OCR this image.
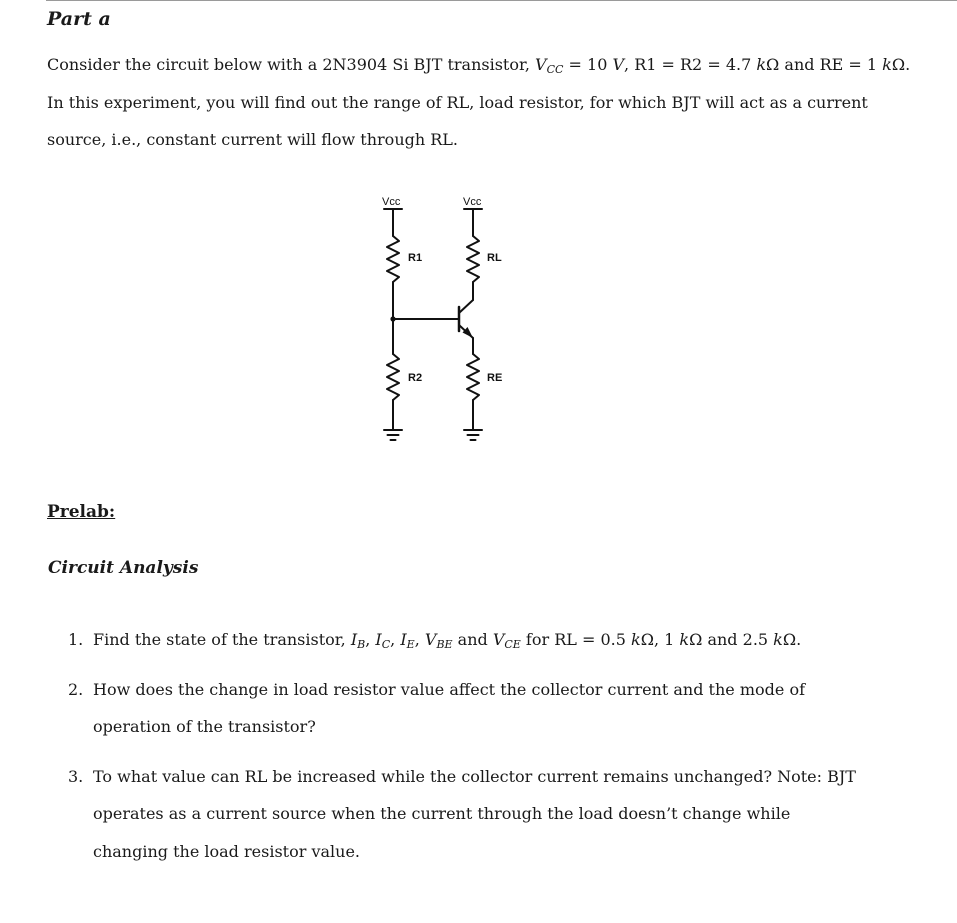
Part a

Consider the circuit below with a 2N3904 Si BJT transistor, $V_{CC} = 10$ V, R1 = R2 = 4.7 kΩ and RE = 1 kΩ. In this experiment, you will find out the range of RL, load resistor, for which BJT will act as a current source, i.e., constant current will flow through RL.

Vcc	Vcc
R1	RL
R2	RE
Prelab:
Circuit Analysis
1. Find the state of the transistor, $I_B$, $I_C$, $I_E$, $V_{BE}$ and $V_{CE}$ for RL = 0.5 kΩ, 1 kΩ and 2.5 kΩ.
2. How does the change in load resistor value affect the collector current and the mode of operation of the transistor?
3. To what value can RL be increased while the collector current remains unchanged? Note: BJT operates as a current source when the current through the load doesn’t change while changing the load resistor value.
